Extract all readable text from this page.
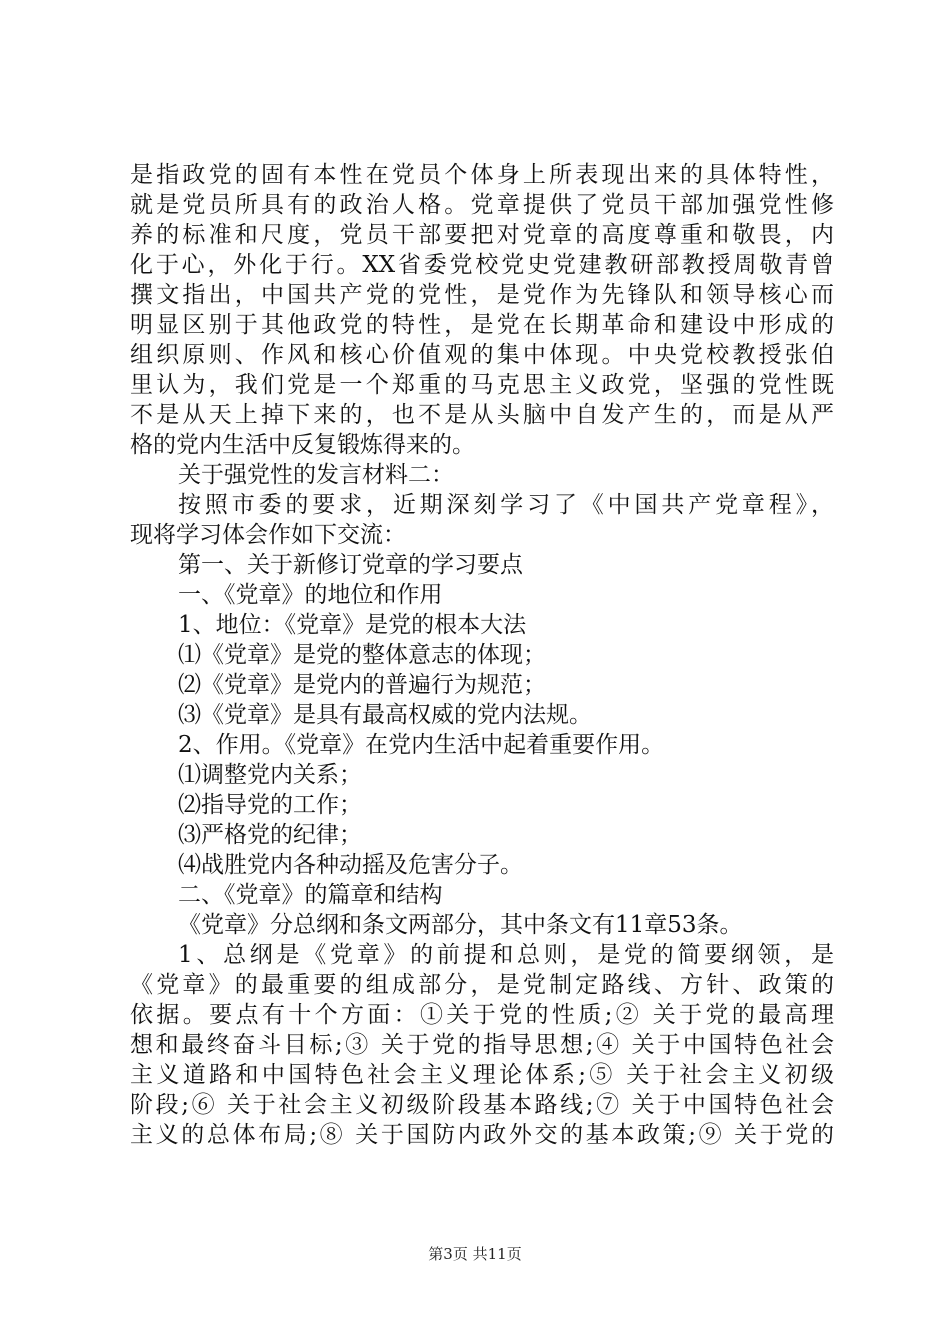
是指政党的固有本性在党员个体身上所表现出来的具体特性，
就是党员所具有的政治人格。党章提供了党员干部加强党性修
养的标准和尺度，党员干部要把对党章的高度尊重和敬畏，内
化于心，外化于行。XX省委党校党史党建教研部教授周敬青曾
撰文指出，中国共产党的党性，是党作为先锋队和领导核心而
明显区别于其他政党的特性，是党在长期革命和建设中形成的
组织原则、作风和核心价值观的集中体现。中央党校教授张伯
里认为，我们党是一个郑重的马克思主义政党，坚强的党性既
不是从天上掉下来的，也不是从头脑中自发产生的，而是从严
格的党内生活中反复锻炼得来的。
关于强党性的发言材料二：
按照市委的要求，近期深刻学习了《中国共产党章程》，
现将学习体会作如下交流：
第一、关于新修订党章的学习要点
一、《党章》的地位和作用
1、地位：《党章》是党的根本大法
⑴《党章》是党的整体意志的体现；
⑵《党章》是党内的普遍行为规范；
⑶《党章》是具有最高权威的党内法规。
2、作用。《党章》在党内生活中起着重要作用。
⑴调整党内关系；
⑵指导党的工作；
⑶严格党的纪律；
⑷战胜党内各种动摇及危害分子。
二、《党章》的篇章和结构
《党章》分总纲和条文两部分，其中条文有11章53条。
1、总纲是《党章》的前提和总则，是党的简要纲领，是
《党章》的最重要的组成部分，是党制定路线、方针、政策的
依据。要点有十个方面：①关于党的性质;② 关于党的最高理
想和最终奋斗目标;③ 关于党的指导思想;④ 关于中国特色社会
主义道路和中国特色社会主义理论体系;⑤ 关于社会主义初级
阶段;⑥ 关于社会主义初级阶段基本路线;⑦ 关于中国特色社会
主义的总体布局;⑧ 关于国防内政外交的基本政策;⑨ 关于党的
第3页 共11页
